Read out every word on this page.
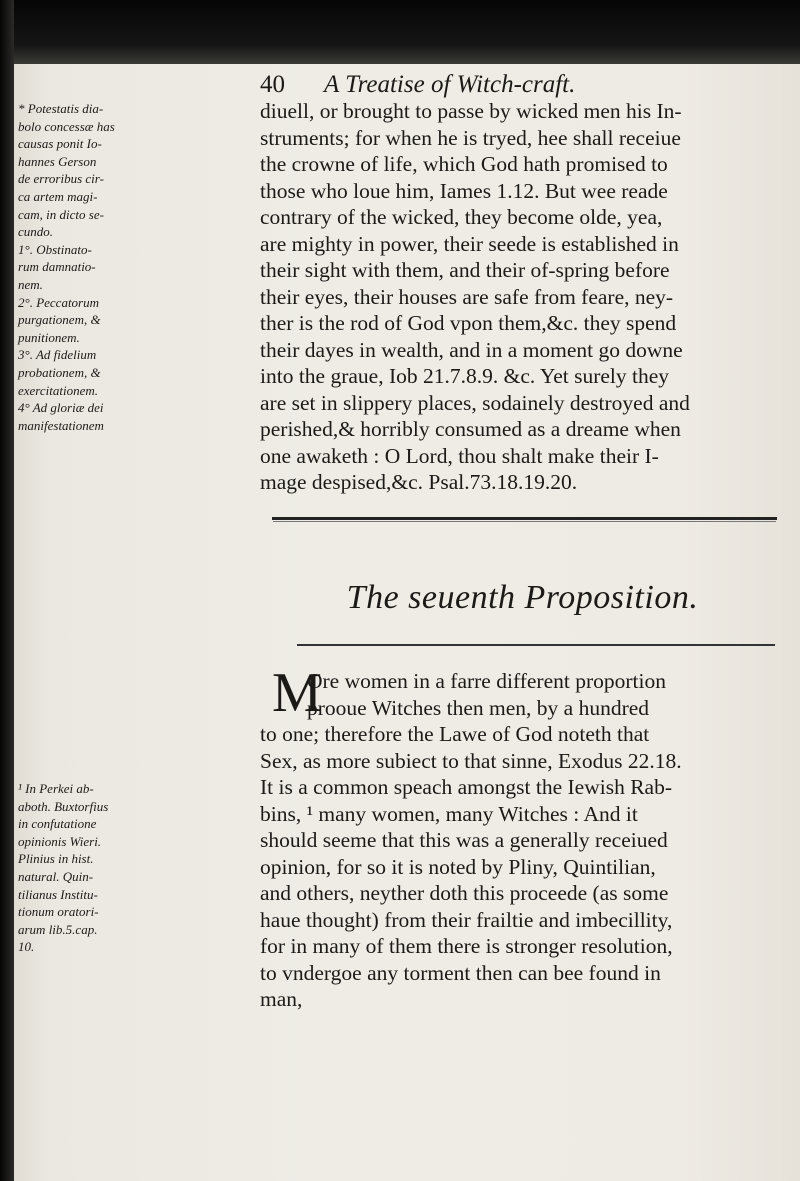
40 A Treatise of Witch-craft.
* Potestatis dia-
bolo concessæ has
causas ponit Io-
hannes Gerson
de erroribus cir-
ca artem magi-
cam, in dicto se-
cundo.
1°. Obstinato-
rum damnatio-
nem.
2°. Peccatorum
purgationem, &
punitionem.
3°. Ad fidelium
probationem, &
exercitationem.
4° Ad gloriæ dei
manifestationem
diuell, or brought to passe by wicked men his In-
struments; for when he is tryed, hee shall receiue
the crowne of life, which God hath promised to
those who loue him, Iames 1.12. But wee reade
contrary of the wicked, they become olde, yea,
are mighty in power, their seede is established in
their sight with them, and their of-spring before
their eyes, their houses are safe from feare, ney-
ther is the rod of God vpon them,&c. they spend
their dayes in wealth, and in a moment go downe
into the graue, Iob 21.7.8.9. &c. Yet surely they
are set in slippery places, sodainely destroyed and
perished,& horribly consumed as a dreame when
one awaketh : O Lord, thou shalt make their I-
mage despised,&c. Psal.73.18.19.20.
The seuenth Proposition.
M
Ore women in a farre different proportion
prooue Witches then men, by a hundred
to one; therefore the Lawe of God noteth that
Sex, as more subiect to that sinne, Exodus 22.18.
It is a common speach amongst the Iewish Rab-
bins, ¹ many women, many Witches : And it
should seeme that this was a generally receiued
opinion, for so it is noted by Pliny, Quintilian,
and others, neyther doth this proceede (as some
haue thought) from their frailtie and imbecillity,
for in many of them there is stronger resolution,
to vndergoe any torment then can bee found in
man,
¹ In Perkei ab-
aboth. Buxtorfius
in confutatione
opinionis Wieri.
Plinius in hist.
natural. Quin-
tilianus Institu-
tionum oratori-
arum lib.5.cap.
10.
